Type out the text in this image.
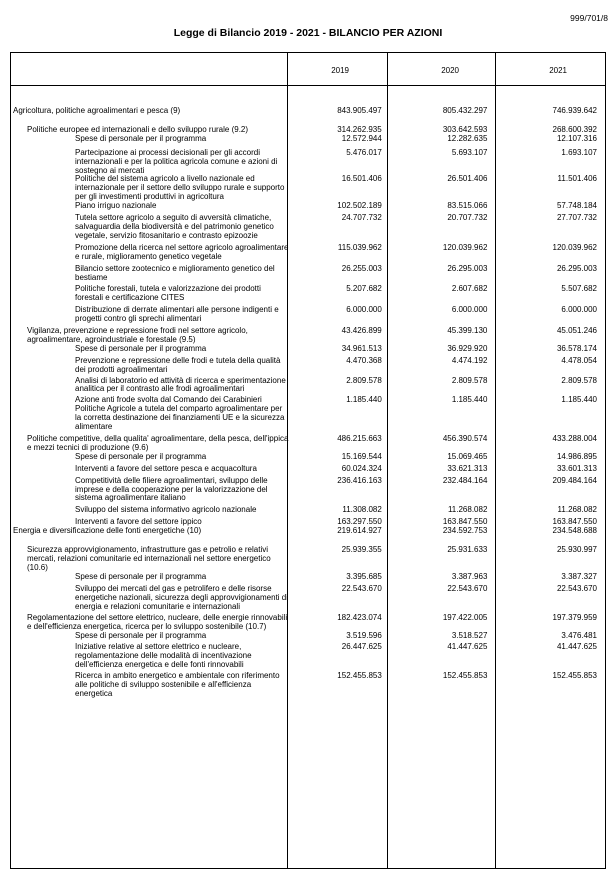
999/701/8
Legge di Bilancio 2019 - 2021 - BILANCIO PER AZIONI
2019	2020	2021
Agricoltura, politiche agroalimentari e pesca (9)	843.905.497	805.432.297	746.939.642
Politiche europee ed internazionali e dello sviluppo rurale (9.2)	314.262.935	303.642.593	268.600.392
Spese di personale per il programma	12.572.944	12.282.635	12.107.316
Partecipazione ai processi decisionali per gli accordi internazionali e per la politica agricola comune e azioni di sostegno ai mercati
5.476.017	5.693.107	1.693.107
Politiche del sistema agricolo a livello nazionale ed internazionale per il settore dello sviluppo rurale e supporto per gli investimenti produttivi in agricoltura
16.501.406	26.501.406	11.501.406
Piano irriguo nazionale	102.502.189	83.515.066	57.748.184
Tutela settore agricolo a seguito di avversità climatiche, salvaguardia della biodiversità e del patrimonio genetico vegetale, servizio fitosanitario e contrasto epizoozie
24.707.732	20.707.732	27.707.732
Promozione della ricerca nel settore agricolo agroalimentare e rurale, miglioramento genetico vegetale
115.039.962	120.039.962	120.039.962
Bilancio settore zootecnico e miglioramento genetico del bestiame
26.255.003	26.295.003	26.295.003
Politiche forestali, tutela e valorizzazione dei prodotti forestali e certificazione CITES
5.207.682	2.607.682	5.507.682
Distribuzione di derrate alimentari alle persone indigenti e progetti contro gli sprechi alimentari
6.000.000	6.000.000	6.000.000
Vigilanza, prevenzione e repressione frodi nel settore agricolo, agroalimentare, agroindustriale e forestale (9.5)
43.426.899	45.399.130	45.051.246
Spese di personale per il programma	34.961.513	36.929.920	36.578.174
Prevenzione e repressione delle frodi e tutela della qualità dei prodotti agroalimentari
4.470.368	4.474.192	4.478.054
Analisi di laboratorio ed attività di ricerca e sperimentazione analitica per il contrasto alle frodi agroalimentari
2.809.578	2.809.578	2.809.578
Azione anti frode svolta dal Comando dei Carabinieri Politiche Agricole a tutela del comparto agroalimentare per la corretta destinazione dei finanziamenti UE e la sicurezza alimentare
1.185.440	1.185.440	1.185.440
Politiche competitive, della qualita' agroalimentare, della pesca, dell'ippica e mezzi tecnici di produzione (9.6)
486.215.663	456.390.574	433.288.004
Spese di personale per il programma	15.169.544	15.069.465	14.986.895
Interventi a favore del settore pesca e acquacoltura	60.024.324	33.621.313	33.601.313
Competitività delle filiere agroalimentari, sviluppo delle imprese e della cooperazione per la valorizzazione del sistema agroalimentare italiano
236.416.163	232.484.164	209.484.164
Sviluppo del sistema informativo agricolo nazionale	11.308.082	11.268.082	11.268.082
Interventi a favore del settore ippico	163.297.550	163.847.550	163.847.550
Energia e diversificazione delle fonti energetiche (10)	219.614.927	234.592.753	234.548.688
Sicurezza approvvigionamento, infrastrutture gas e petrolio e relativi mercati, relazioni comunitarie ed internazionali nel settore energetico (10.6)
25.939.355	25.931.633	25.930.997
Spese di personale per il programma	3.395.685	3.387.963	3.387.327
Sviluppo dei mercati del gas e petrolifero e delle risorse energetiche nazionali, sicurezza degli approvvigionamenti di energia e relazioni comunitarie e internazionali
22.543.670	22.543.670	22.543.670
Regolamentazione del settore elettrico, nucleare, delle energie rinnovabili e dell'efficienza energetica, ricerca per lo sviluppo sostenibile (10.7)
182.423.074	197.422.005	197.379.959
Spese di personale per il programma	3.519.596	3.518.527	3.476.481
Iniziative relative al settore elettrico e nucleare, regolamentazione delle modalità di incentivazione dell'efficienza energetica e delle fonti rinnovabili
26.447.625	41.447.625	41.447.625
Ricerca in ambito energetico e ambientale con riferimento alle politiche di sviluppo sostenibile e all'efficienza energetica
152.455.853	152.455.853	152.455.853
